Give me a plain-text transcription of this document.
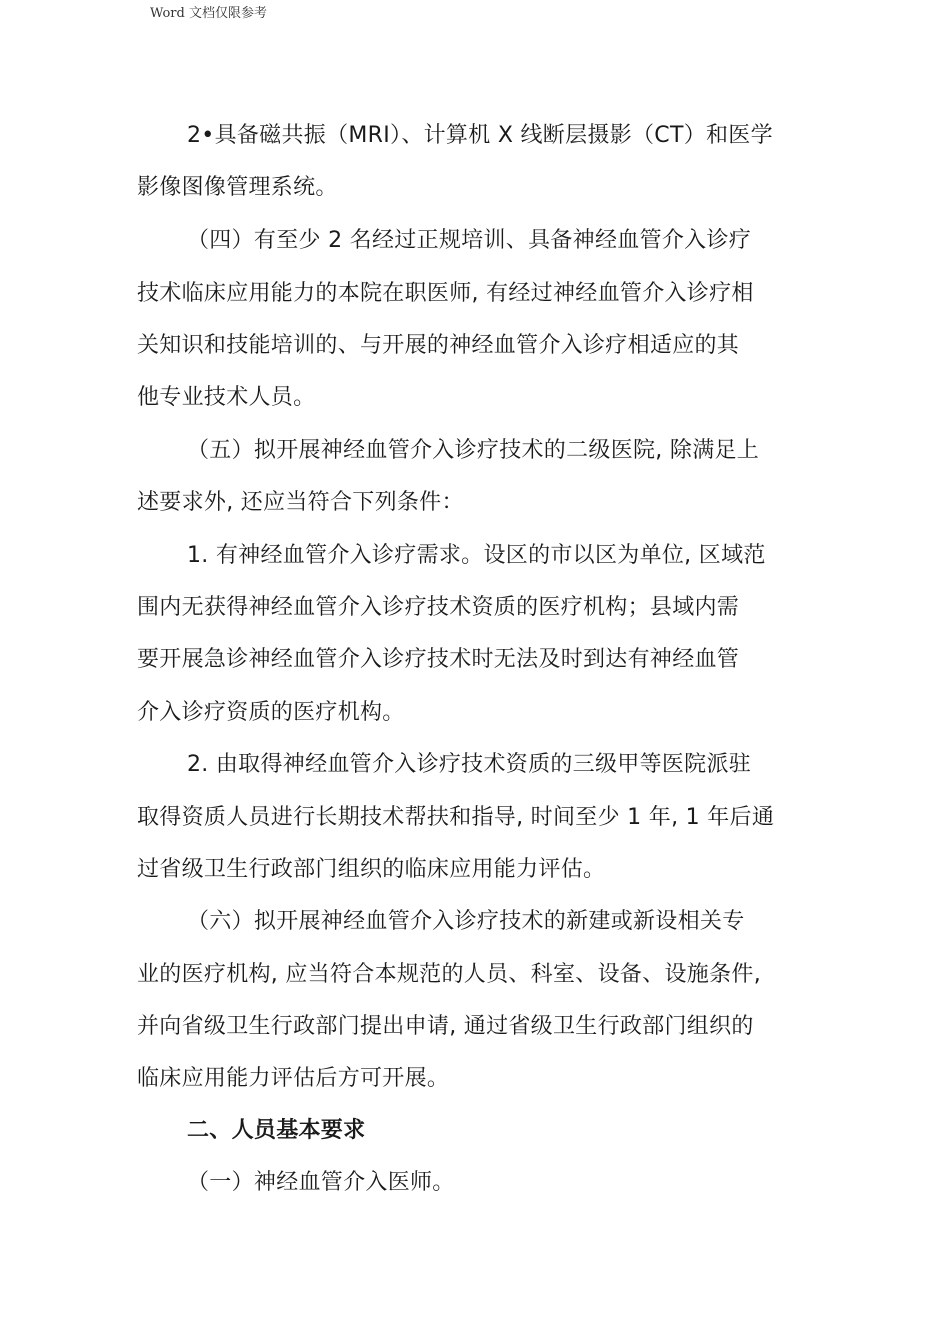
Word 文档仅限参考
2•具备磁共振（MRI）、计算机 X 线断层摄影（CT）和医学
影像图像管理系统。
（四）有至少 2 名经过正规培训、具备神经血管介入诊疗
技术临床应用能力的本院在职医师, 有经过神经血管介入诊疗相
关知识和技能培训的、与开展的神经血管介入诊疗相适应的其
他专业技术人员。
（五）拟开展神经血管介入诊疗技术的二级医院, 除满足上
述要求外, 还应当符合下列条件：
1. 有神经血管介入诊疗需求。设区的市以区为单位, 区域范
围内无获得神经血管介入诊疗技术资质的医疗机构；县域内需
要开展急诊神经血管介入诊疗技术时无法及时到达有神经血管
介入诊疗资质的医疗机构。
2. 由取得神经血管介入诊疗技术资质的三级甲等医院派驻
取得资质人员进行长期技术帮扶和指导, 时间至少 1 年, 1 年后通
过省级卫生行政部门组织的临床应用能力评估。
（六）拟开展神经血管介入诊疗技术的新建或新设相关专
业的医疗机构, 应当符合本规范的人员、科室、设备、设施条件,
并向省级卫生行政部门提出申请, 通过省级卫生行政部门组织的
临床应用能力评估后方可开展。
二、人员基本要求
（一）神经血管介入医师。
